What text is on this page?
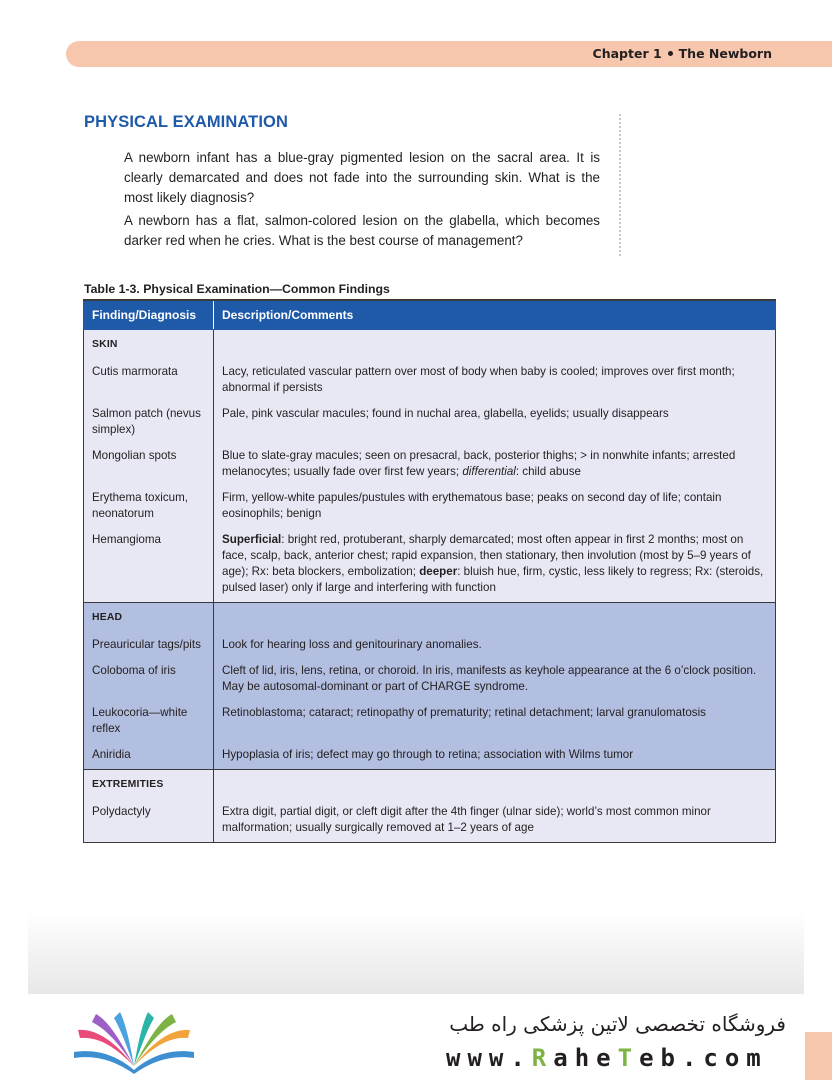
Chapter 1 The Newborn
PHYSICAL EXAMINATION
A newborn infant has a blue-gray pigmented lesion on the sacral area. It is clearly demarcated and does not fade into the surrounding skin. What is the most likely diagnosis?
A newborn has a flat, salmon-colored lesion on the glabella, which becomes darker red when he cries. What is the best course of management?
Table 1-3. Physical Examination—Common Findings
Finding/Diagnosis	Description/Comments
SKIN	
Cutis marmorata	Lacy, reticulated vascular pattern over most of body when baby is cooled; improves over first month; abnormal if persists
Salmon patch (nevus simplex)	Pale, pink vascular macules; found in nuchal area, glabella, eyelids; usually disappears
Mongolian spots	Blue to slate-gray macules; seen on presacral, back, posterior thighs; > in nonwhite infants; arrested melanocytes; usually fade over first few years; differential: child abuse
Erythema toxicum, neonatorum	Firm, yellow-white papules/pustules with erythematous base; peaks on second day of life; contain eosinophils; benign
Hemangioma	Superficial: bright red, protuberant, sharply demarcated; most often appear in first 2 months; most on face, scalp, back, anterior chest; rapid expansion, then stationary, then involution (most by 5–9 years of age); Rx: beta blockers, embolization; deeper: bluish hue, firm, cystic, less likely to regress; Rx: (steroids, pulsed laser) only if large and interfering with function
HEAD	
Preauricular tags/pits	Look for hearing loss and genitourinary anomalies.
Coloboma of iris	Cleft of lid, iris, lens, retina, or choroid. In iris, manifests as keyhole appearance at the 6 o’clock position. May be autosomal-dominant or part of CHARGE syndrome.
Leukocoria—white reflex	Retinoblastoma; cataract; retinopathy of prematurity; retinal detachment; larval granulomatosis
Aniridia	Hypoplasia of iris; defect may go through to retina; association with Wilms tumor
EXTREMITIES	
Polydactyly	Extra digit, partial digit, or cleft digit after the 4th finger (ulnar side); world’s most common minor malformation; usually surgically removed at 1–2 years of age
فروشگاه تخصصی لاتین پزشکی راه طب
www.RaheTeb.com
